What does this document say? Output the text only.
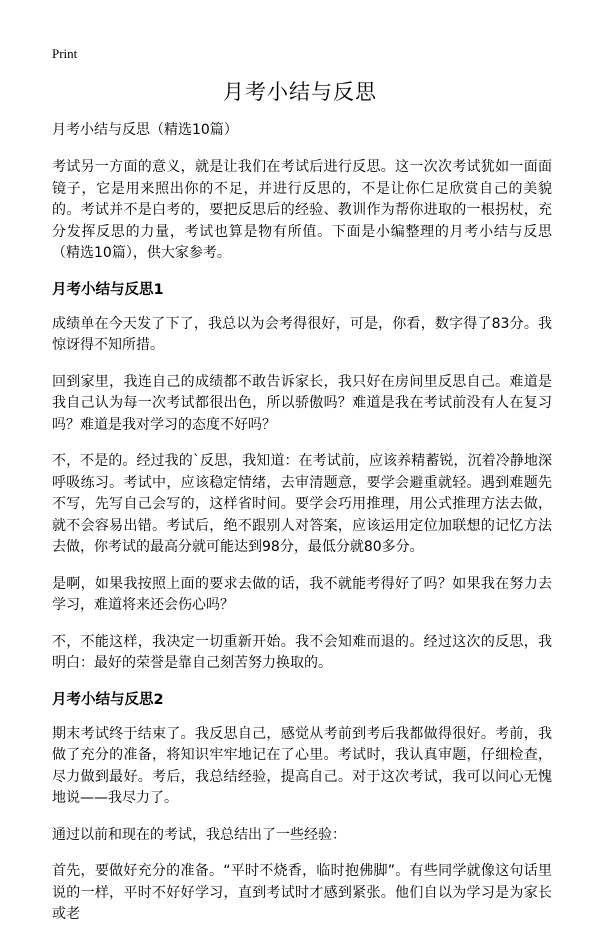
Print
月考小结与反思

月考小结与反思（精选10篇）

考试另一方面的意义，就是让我们在考试后进行反思。这一次次考试犹如一面面镜子，它是用来照出你的不足，并进行反思的，不是让你仁足欣赏自己的美貌的。考试并不是白考的，要把反思后的经验、教训作为帮你进取的一根拐杖，充分发挥反思的力量，考试也算是物有所值。下面是小编整理的月考小结与反思（精选10篇），供大家参考。

月考小结与反思1

成绩单在今天发了下了，我总以为会考得很好，可是，你看，数字得了83分。我惊讶得不知所措。

回到家里，我连自己的成绩都不敢告诉家长，我只好在房间里反思自己。难道是我自己认为每一次考试都很出色，所以骄傲吗？难道是我在考试前没有人在复习吗？难道是我对学习的态度不好吗？

不，不是的。经过我的`反思，我知道：在考试前，应该养精蓄锐，沉着冷静地深呼吸练习。考试中，应该稳定情绪，去审清题意，要学会避重就轻。遇到难题先不写，先写自己会写的，这样省时间。要学会巧用推理，用公式推理方法去做，就不会容易出错。考试后，绝不跟别人对答案，应该运用定位加联想的记忆方法去做，你考试的最高分就可能达到98分，最低分就80多分。

是啊，如果我按照上面的要求去做的话，我不就能考得好了吗？如果我在努力去学习，难道将来还会伤心吗？

不，不能这样，我决定一切重新开始。我不会知难而退的。经过这次的反思，我明白：最好的荣誉是靠自己刻苦努力换取的。

月考小结与反思2

期末考试终于结束了。我反思自己，感觉从考前到考后我都做得很好。考前，我做了充分的准备，将知识牢牢地记在了心里。考试时，我认真审题，仔细检查，尽力做到最好。考后，我总结经验，提高自己。对于这次考试，我可以问心无愧地说——我尽力了。

通过以前和现在的考试，我总结出了一些经验：

首先，要做好充分的准备。“平时不烧香，临时抱佛脚”。有些同学就像这句话里说的一样，平时不好好学习，直到考试时才感到紧张。他们自以为学习是为家长或老
